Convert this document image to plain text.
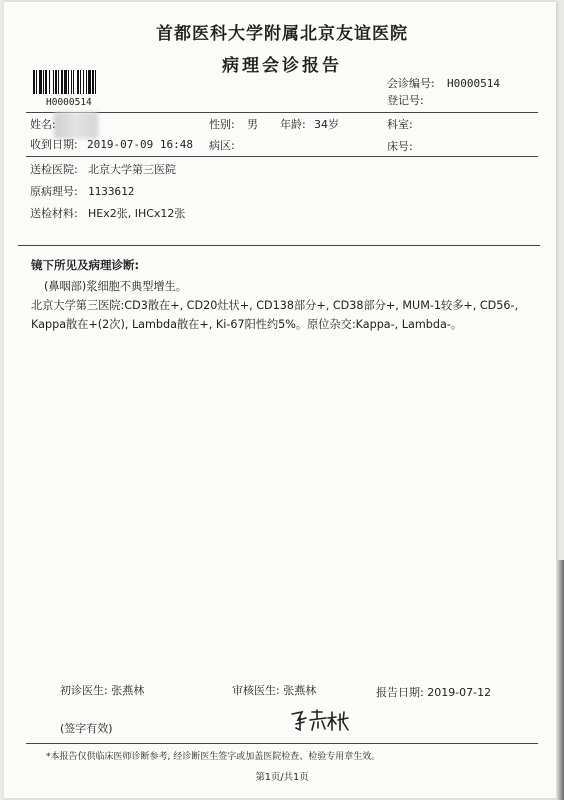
首都医科大学附属北京友谊医院
病理会诊报告
H0000514
会诊编号: H0000514
登记号:
姓名:	性别: 男 年龄: 34岁	科室:
收到日期: 2019-07-09 16:48 病区:	床号:
送检医院: 北京大学第三医院
原病理号: 1133612
送检材料: HEx2张, IHCx12张
镜下所见及病理诊断:
(鼻咽部)浆细胞不典型增生。
北京大学第三医院:CD3散在+, CD20灶状+, CD138部分+, CD38部分+, MUM-1较多+, CD56-, Kappa散在+(2次), Lambda散在+, Ki-67阳性约5%。原位杂交:Kappa-, Lambda-。
初诊医生: 张燕林	审核医生: 张燕林	报告日期: 2019-07-12
(签字有效)
*本报告仅供临床医师诊断参考, 经诊断医生签字或加盖医院检查、检验专用章生效。
第1页/共1页
